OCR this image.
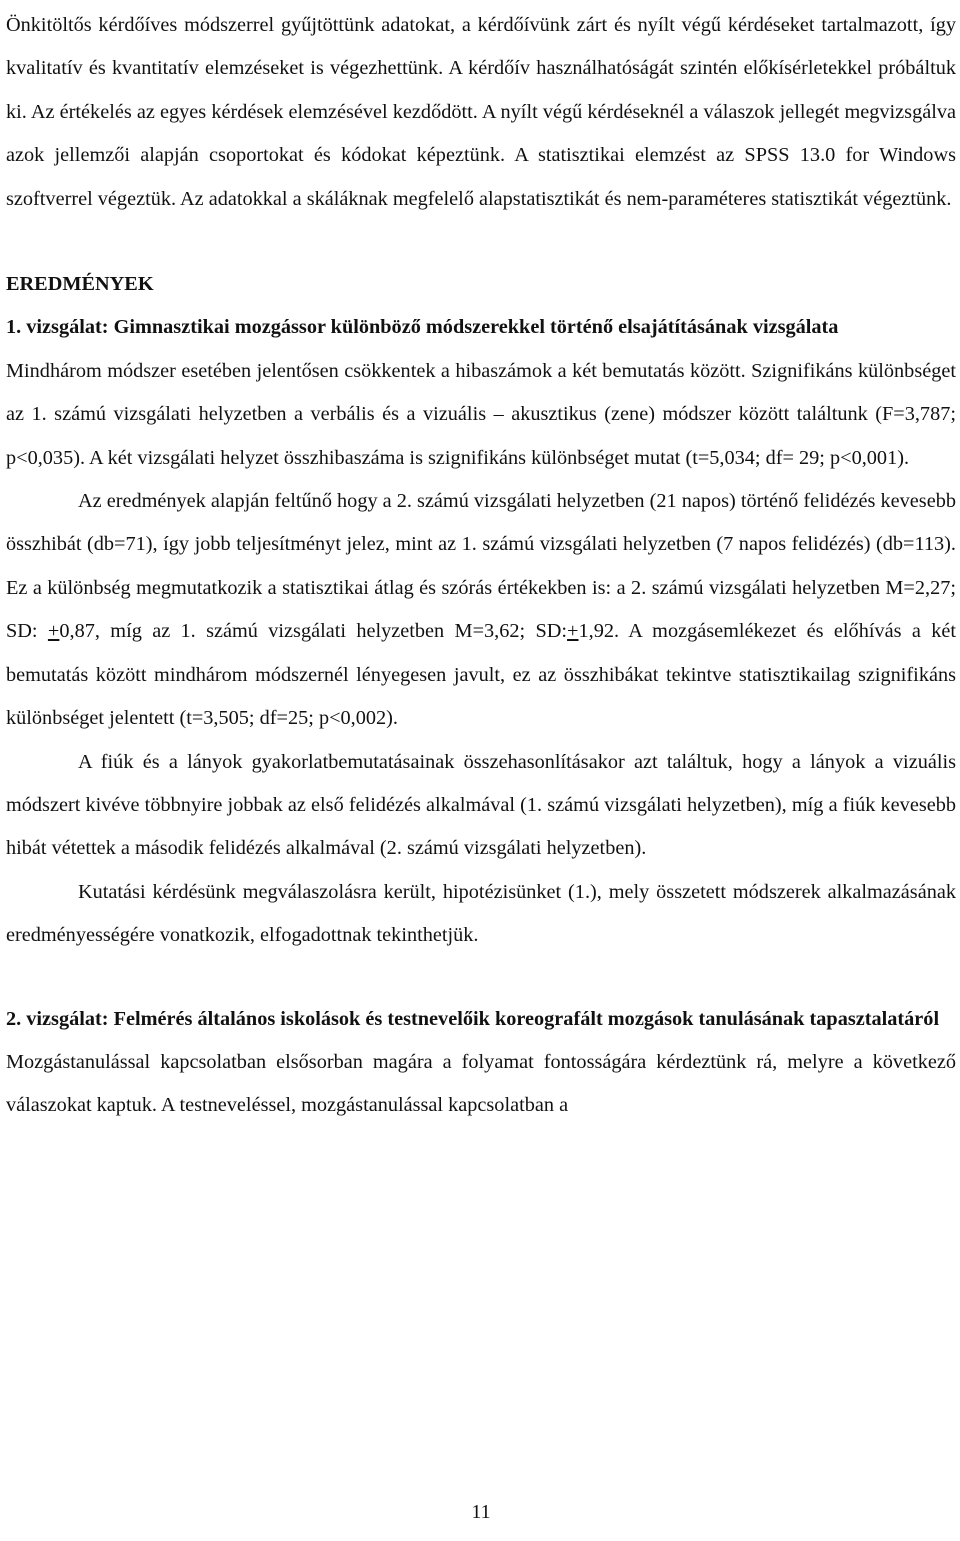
Önkitöltős kérdőíves módszerrel gyűjtöttünk adatokat, a kérdőívünk zárt és nyílt végű kérdéseket tartalmazott, így kvalitatív és kvantitatív elemzéseket is végezhettünk. A kérdőív használhatóságát szintén előkísérletekkel próbáltuk ki. Az értékelés az egyes kérdések elemzésével kezdődött. A nyílt végű kérdéseknél a válaszok jellegét megvizsgálva azok jellemzői alapján csoportokat és kódokat képeztünk. A statisztikai elemzést az SPSS 13.0 for Windows szoftverrel végeztük. Az adatokkal a skáláknak megfelelő alapstatisztikát és nem-paraméteres statisztikát végeztünk.

EREDMÉNYEK
1. vizsgálat: Gimnasztikai mozgássor különböző módszerekkel történő elsajátításának vizsgálata

Mindhárom módszer esetében jelentősen csökkentek a hibaszámok a két bemutatás között. Szignifikáns különbséget az 1. számú vizsgálati helyzetben a verbális és a vizuális – akusztikus (zene) módszer között találtunk (F=3,787; p<0,035). A két vizsgálati helyzet összhibaszáma is szignifikáns különbséget mutat (t=5,034; df= 29; p<0,001).

Az eredmények alapján feltűnő hogy a 2. számú vizsgálati helyzetben (21 napos) történő felidézés kevesebb összhibát (db=71), így jobb teljesítményt jelez, mint az 1. számú vizsgálati helyzetben (7 napos felidézés) (db=113). Ez a különbség megmutatkozik a statisztikai átlag és szórás értékekben is: a 2. számú vizsgálati helyzetben M=2,27; SD: +0,87, míg az 1. számú vizsgálati helyzetben M=3,62; SD:+1,92. A mozgásemlékezet és előhívás a két bemutatás között mindhárom módszernél lényegesen javult, ez az összhibákat tekintve statisztikailag szignifikáns különbséget jelentett (t=3,505; df=25; p<0,002).

A fiúk és a lányok gyakorlatbemutatásainak összehasonlításakor azt találtuk, hogy a lányok a vizuális módszert kivéve többnyire jobbak az első felidézés alkalmával (1. számú vizsgálati helyzetben), míg a fiúk kevesebb hibát vétettek a második felidézés alkalmával (2. számú vizsgálati helyzetben).

Kutatási kérdésünk megválaszolásra került, hipotézisünket (1.), mely összetett módszerek alkalmazásának eredményességére vonatkozik, elfogadottnak tekinthetjük.

2. vizsgálat: Felmérés általános iskolások és testnevelőik koreografált mozgások tanulásának tapasztalatáról

Mozgástanulással kapcsolatban elsősorban magára a folyamat fontosságára kérdeztünk rá, melyre a következő válaszokat kaptuk. A testneveléssel, mozgástanulással kapcsolatban a

11
